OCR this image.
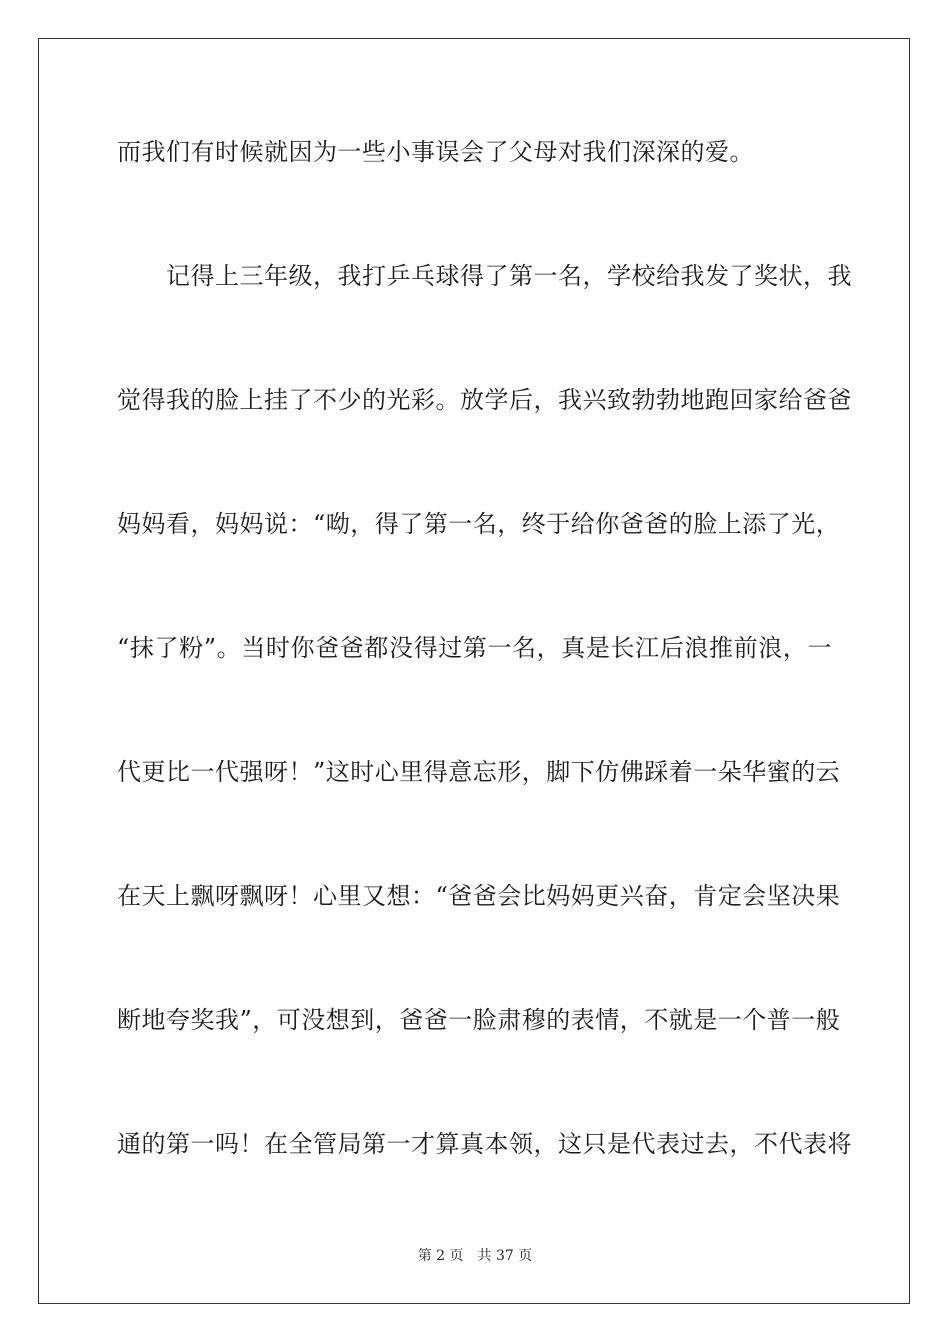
而我们有时候就因为一些小事误会了父母对我们深深的爱。
　　记得上三年级，我打乒乓球得了第一名，学校给我发了奖状，我
觉得我的脸上挂了不少的光彩。放学后，我兴致勃勃地跑回家给爸爸
妈妈看，妈妈说：“呦，得了第一名，终于给你爸爸的脸上添了光，
“抹了粉”。当时你爸爸都没得过第一名，真是长江后浪推前浪，一
代更比一代强呀！”这时心里得意忘形，脚下仿佛踩着一朵华蜜的云
在天上飘呀飘呀！心里又想：“爸爸会比妈妈更兴奋，肯定会坚决果
断地夸奖我”，可没想到，爸爸一脸肃穆的表情，不就是一个普一般
通的第一吗！在全管局第一才算真本领，这只是代表过去，不代表将
第 2 页 共 37 页
